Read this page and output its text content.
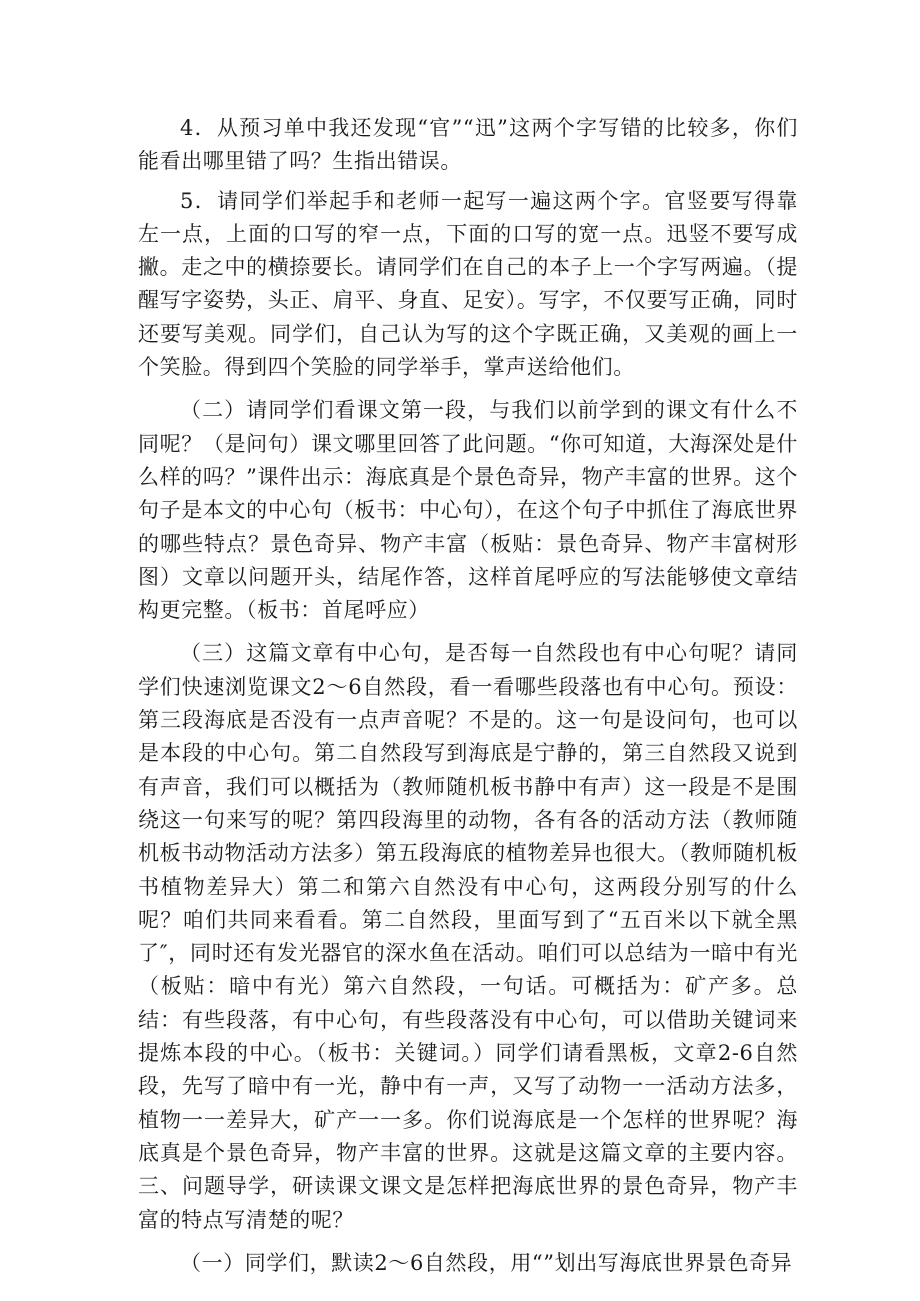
4．从预习单中我还发现“官”“迅”这两个字写错的比较多，你们能看出哪里错了吗？生指出错误。

5．请同学们举起手和老师一起写一遍这两个字。官竖要写得靠左一点，上面的口写的窄一点，下面的口写的宽一点。迅竖不要写成撇。走之中的横捺要长。请同学们在自己的本子上一个字写两遍。（提醒写字姿势，头正、肩平、身直、足安）。写字，不仅要写正确，同时还要写美观。同学们，自己认为写的这个字既正确，又美观的画上一个笑脸。得到四个笑脸的同学举手，掌声送给他们。

（二）请同学们看课文第一段，与我们以前学到的课文有什么不同呢？（是问句）课文哪里回答了此问题。“你可知道，大海深处是什么样的吗？”课件出示：海底真是个景色奇异，物产丰富的世界。这个句子是本文的中心句（板书：中心句），在这个句子中抓住了海底世界的哪些特点？景色奇异、物产丰富（板贴：景色奇异、物产丰富树形图）文章以问题开头，结尾作答，这样首尾呼应的写法能够使文章结构更完整。（板书：首尾呼应）

（三）这篇文章有中心句，是否每一自然段也有中心句呢？请同学们快速浏览课文2～6自然段，看一看哪些段落也有中心句。预设：第三段海底是否没有一点声音呢？不是的。这一句是设问句，也可以是本段的中心句。第二自然段写到海底是宁静的，第三自然段又说到有声音，我们可以概括为（教师随机板书静中有声）这一段是不是围绕这一句来写的呢？第四段海里的动物，各有各的活动方法（教师随机板书动物活动方法多）第五段海底的植物差异也很大。（教师随机板书植物差异大）第二和第六自然没有中心句，这两段分别写的什么呢？咱们共同来看看。第二自然段，里面写到了“五百米以下就全黑了″，同时还有发光器官的深水鱼在活动。咱们可以总结为一暗中有光（板贴：暗中有光）第六自然段，一句话。可概括为：矿产多。总结：有些段落，有中心句，有些段落没有中心句，可以借助关键词来提炼本段的中心。（板书：关键词。）同学们请看黑板，文章2-6自然段，先写了暗中有一光，静中有一声，又写了动物一一活动方法多，植物一一差异大，矿产一一多。你们说海底是一个怎样的世界呢？海底真是个景色奇异，物产丰富的世界。这就是这篇文章的主要内容。三、问题导学，研读课文课文是怎样把海底世界的景色奇异，物产丰富的特点写清楚的呢？

（一）同学们，默读2～6自然段，用“”划出写海底世界景色奇异
